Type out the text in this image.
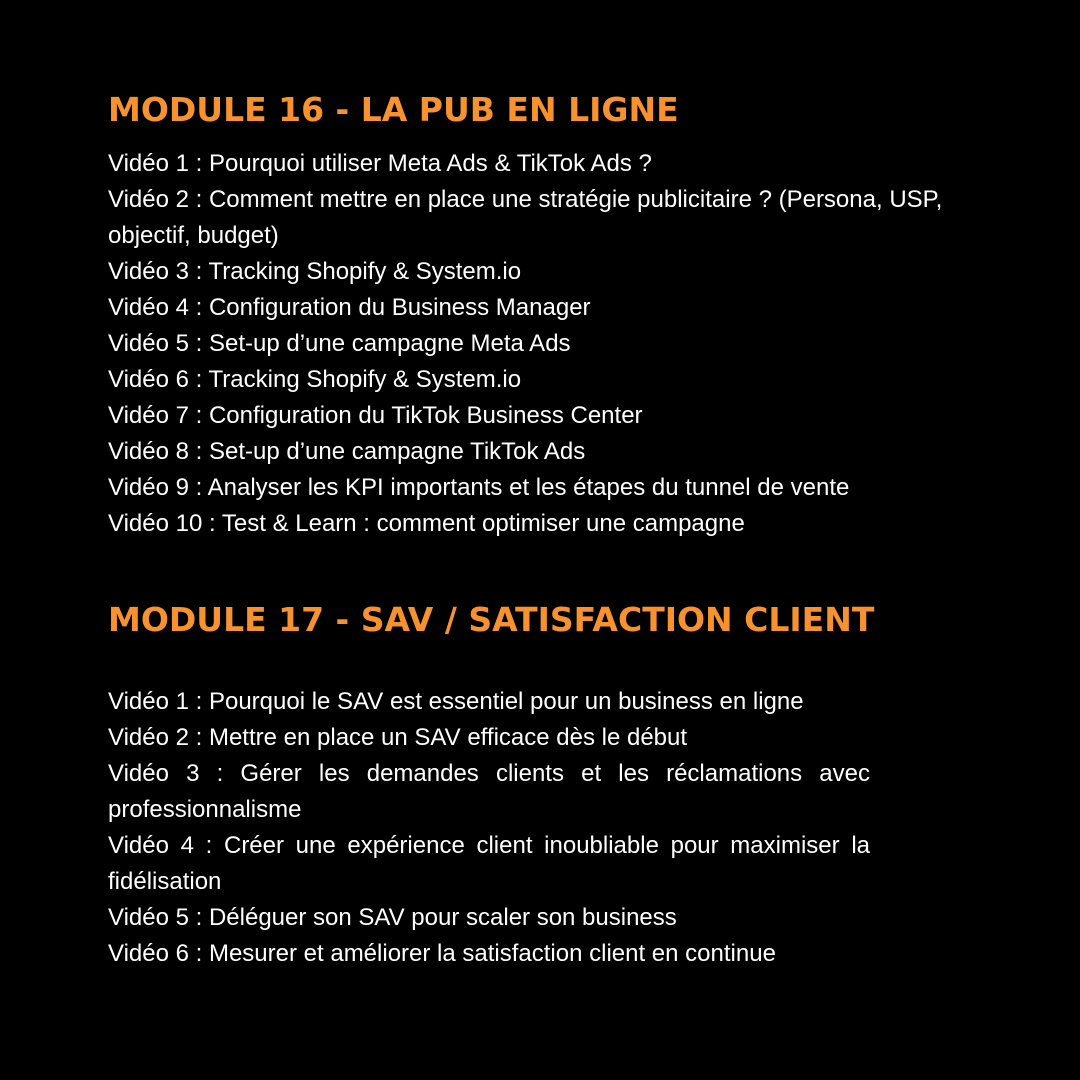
MODULE 16 - LA PUB EN LIGNE
Vidéo 1 : Pourquoi utiliser Meta Ads & TikTok Ads ?
Vidéo 2 : Comment mettre en place une stratégie publicitaire ? (Persona, USP, objectif, budget)
Vidéo 3 : Tracking Shopify & System.io
Vidéo 4 : Configuration du Business Manager
Vidéo 5 : Set-up d’une campagne Meta Ads
Vidéo 6 : Tracking Shopify & System.io
Vidéo 7 : Configuration du TikTok Business Center
Vidéo 8 : Set-up d’une campagne TikTok Ads
Vidéo 9 : Analyser les KPI importants et les étapes du tunnel de vente
Vidéo 10 : Test & Learn : comment optimiser une campagne
MODULE 17 - SAV / SATISFACTION CLIENT
Vidéo 1 : Pourquoi le SAV est essentiel pour un business en ligne
Vidéo 2 : Mettre en place un SAV efficace dès le début
Vidéo 3 : Gérer les demandes clients et les réclamations avec professionnalisme
Vidéo 4 : Créer une expérience client inoubliable pour maximiser la fidélisation
Vidéo 5 : Déléguer son SAV pour scaler son business
Vidéo 6 : Mesurer et améliorer la satisfaction client en continue
